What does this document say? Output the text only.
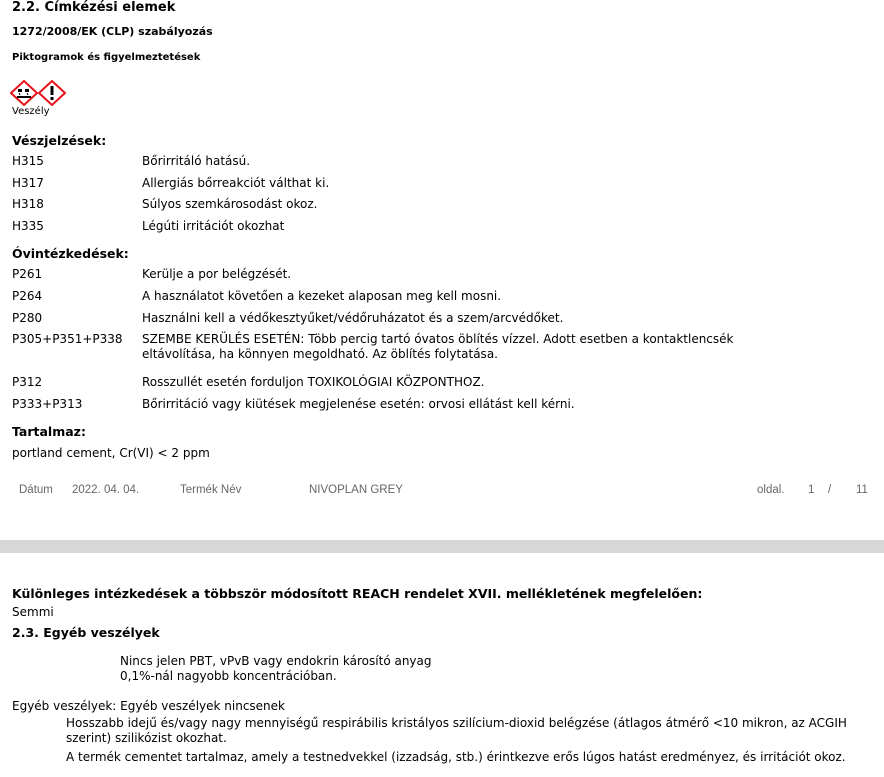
2.2. Címkézési elemek
1272/2008/EK (CLP) szabályozás
Piktogramok és figyelmeztetések
Veszély
Vészjelzések:
H315	Bőrirritáló hatású.
H317	Allergiás bőrreakciót válthat ki.
H318	Súlyos szemkárosodást okoz.
H335	Légúti irritációt okozhat
Óvintézkedések:
P261	Kerülje a por belégzését.
P264	A használatot követően a kezeket alaposan meg kell mosni.
P280	Használni kell a védőkesztyűket/védőruházatot és a szem/arcvédőket.
P305+P351+P338 SZEMBE KERÜLÉS ESETÉN: Több percig tartó óvatos öblítés vízzel. Adott esetben a kontaktlencsék eltávolítása, ha könnyen megoldható. Az öblítés folytatása.
P312	Rosszullét esetén forduljon TOXIKOLÓGIAI KÖZPONTHOZ.
P333+P313	Bőrirritáció vagy kiütések megjelenése esetén: orvosi ellátást kell kérni.
Tartalmaz:
portland cement, Cr(VI) < 2 ppm
Dátum 2022. 04. 04.	Termék Név	NIVOPLAN GREY	oldal. 1 / 11
Különleges intézkedések a többször módosított REACH rendelet XVII. mellékletének megfelelően:
Semmi
2.3. Egyéb veszélyek
Nincs jelen PBT, vPvB vagy endokrin károsító anyag 0,1%-nál nagyobb koncentrációban.
Egyéb veszélyek: Egyéb veszélyek nincsenek
Hosszabb idejű és/vagy nagy mennyiségű respirábilis kristályos szilícium-dioxid belégzése (átlagos átmérő <10 mikron, az ACGIH szerint) szilikózist okozhat.
A termék cementet tartalmaz, amely a testnedvekkel (izzadság, stb.) érintkezve erős lúgos hatást eredményez, és irritációt okoz.
